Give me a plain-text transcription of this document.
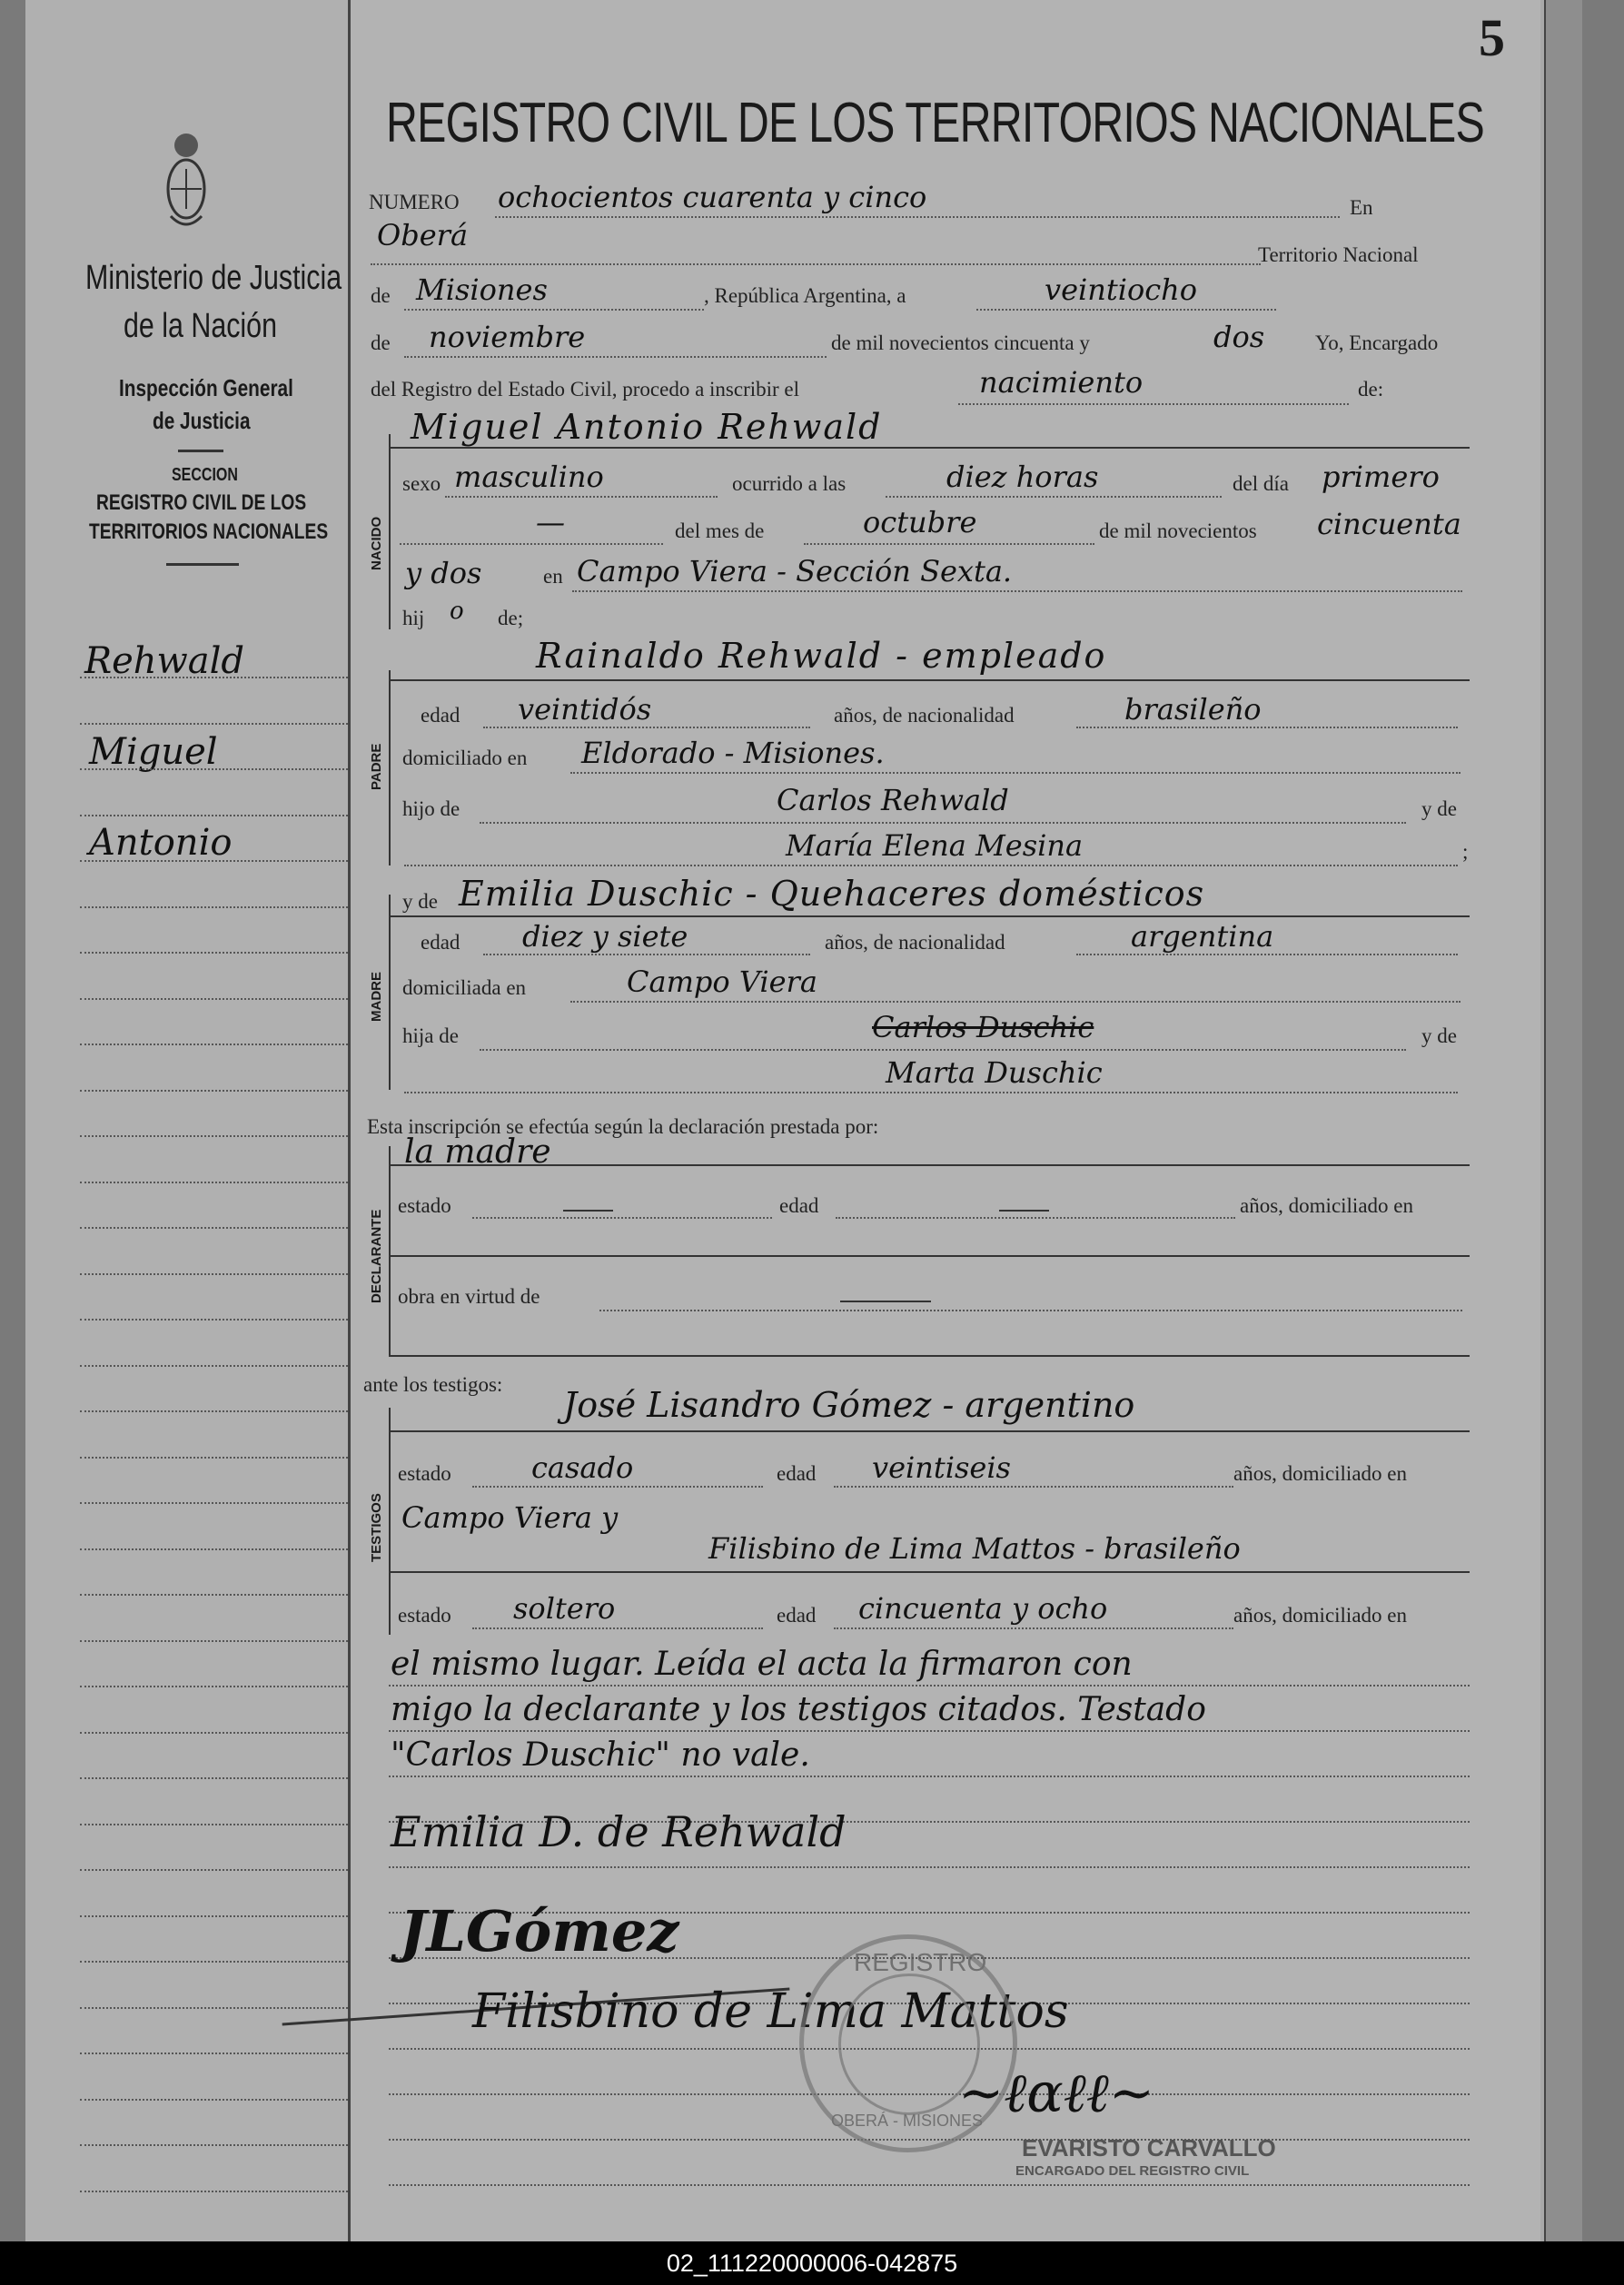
Ministerio de Justicia
de la Nación
Inspección General
de Justicia
SECCION
REGISTRO CIVIL DE LOS
TERRITORIOS NACIONALES
Rehwald
Miguel
Antonio
5
REGISTRO CIVIL DE LOS TERRITORIOS NACIONALES
NUMERO ochocientos cuarenta y cinco	En
Oberá
Territorio Nacional
de Misiones	, República Argentina, a	veintiocho
de noviembre	de mil novecientos cincuenta y	dos Yo, Encargado
del Registro del Estado Civil, procedo a inscribir el	nacimiento	de:
NACIDO
Miguel Antonio Rehwald
sexo masculino	ocurrido a las	diez horas	del día primero
—	del mes de	octubre	de mil novecientos cincuenta
y dos	en Campo Viera - Sección Sexta.
hij o de;
PADRE
Rainaldo Rehwald - empleado
edad veintidós	años, de nacionalidad	brasileño
domiciliado en Eldorado - Misiones.
hijo de	Carlos Rehwald	y de
María Elena Mesina	;
MADRE
y de Emilia Duschic - Quehaceres domésticos
edad diez y siete	años, de nacionalidad	argentina
domiciliada en	Campo Viera
hija de	Carlos Duschic	y de
Marta Duschic
Esta inscripción se efectúa según la declaración prestada por:
DECLARANTE
la madre
estado	edad	años, domiciliado en
obra en virtud de
ante los testigos:
TESTIGOS
José Lisandro Gómez - argentino
estado	casado	edad veintiseis	años, domiciliado en
Campo Viera y
Filisbino de Lima Mattos - brasileño
estado soltero	edad cincuenta y ocho	años, domiciliado en
el mismo lugar. Leída el acta la firmaron con
migo la declarante y los testigos citados. Testado
"Carlos Duschic" no vale.
Emilia D. de Rehwald
JLGómez
Filisbino de Lima Mattos
REGISTRO
OBERÁ - MISIONES
~ℓαℓℓ~
EVARISTO CARVALLO
ENCARGADO DEL REGISTRO CIVIL
02_111220000006-042875
